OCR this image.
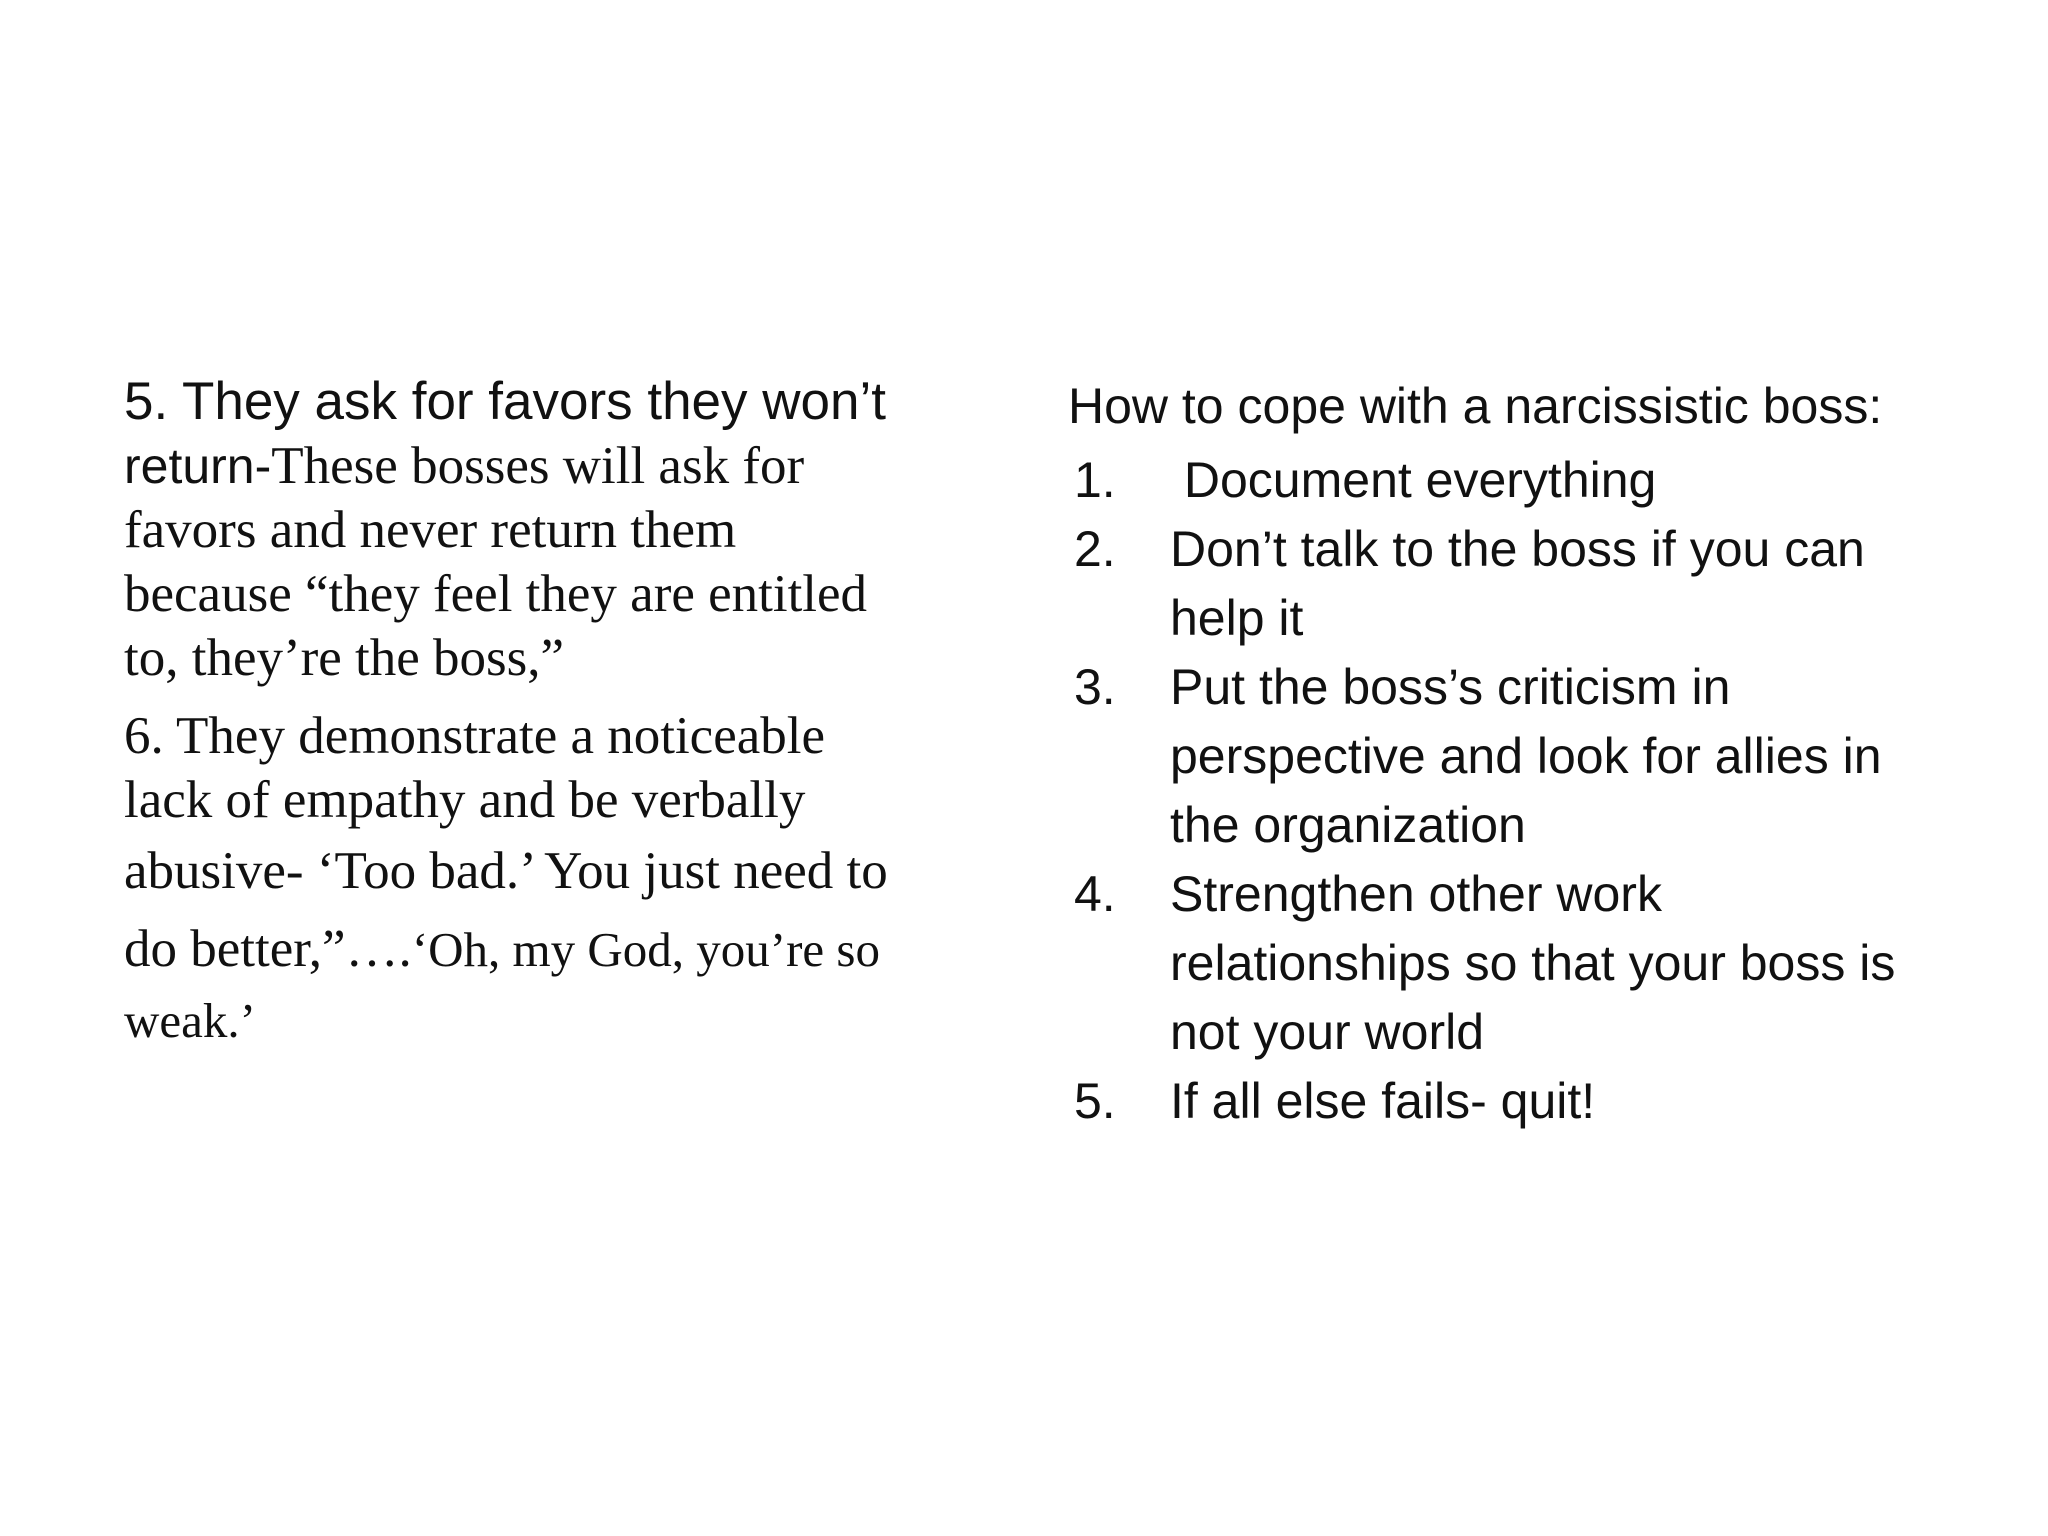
5. They ask for favors they won’t
return-These bosses will ask for
favors and never return them
because “they feel they are entitled
to, they’re the boss,”
6. They demonstrate a noticeable
lack of empathy and be verbally
abusive- ‘Too bad.’ You just need to
do better,”….‘Oh, my God, you’re so
weak.’
How to cope with a narcissistic boss:
1. Document everything
2. Don’t talk to the boss if you can
help it
3. Put the boss’s criticism in
perspective and look for allies in
the organization
4. Strengthen other work
relationships so that your boss is
not your world
5. If all else fails- quit!
